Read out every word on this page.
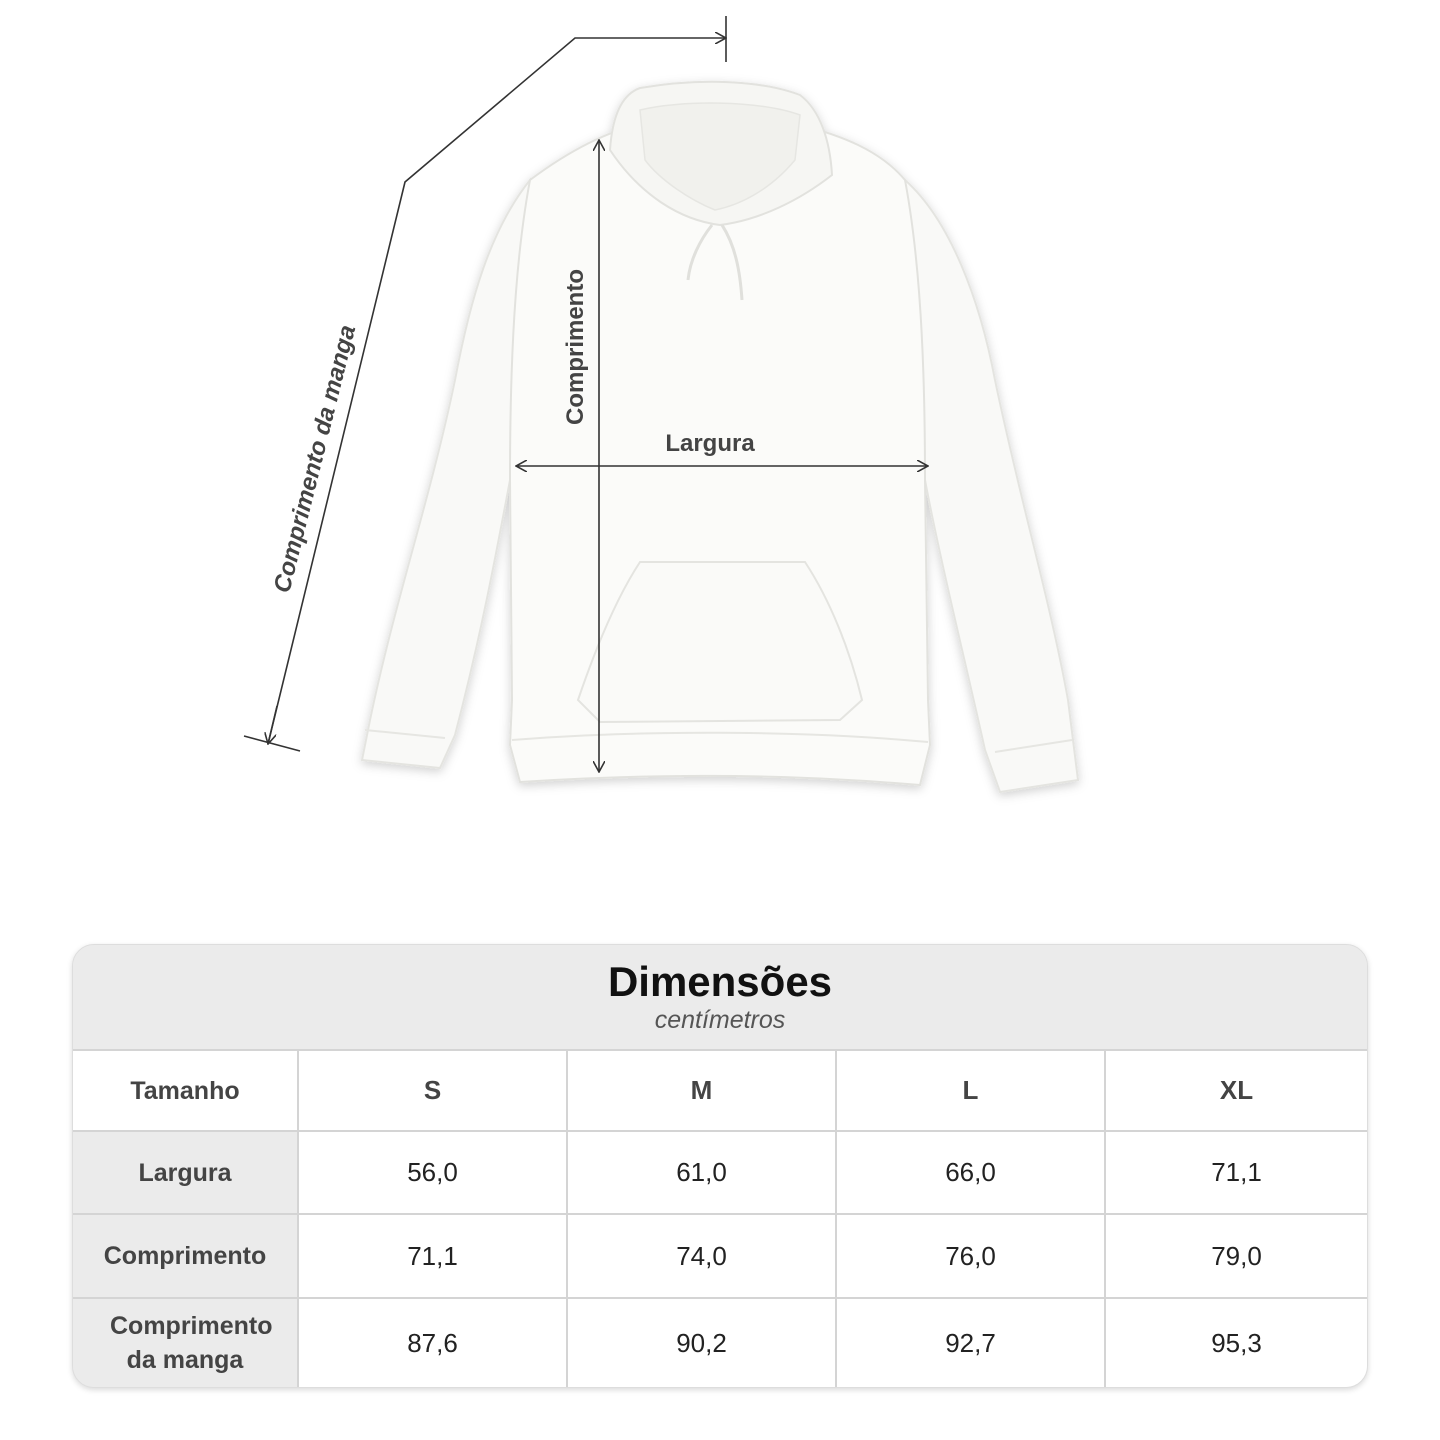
Comprimento da manga	Comprimento
Largura
Dimensões
centímetros
Tamanho	S	M	L	XL
Largura	56,0	61,0	66,0	71,1
Comprimento	71,1	74,0	76,0	79,0
Comprimento da manga	87,6	90,2	92,7	95,3
